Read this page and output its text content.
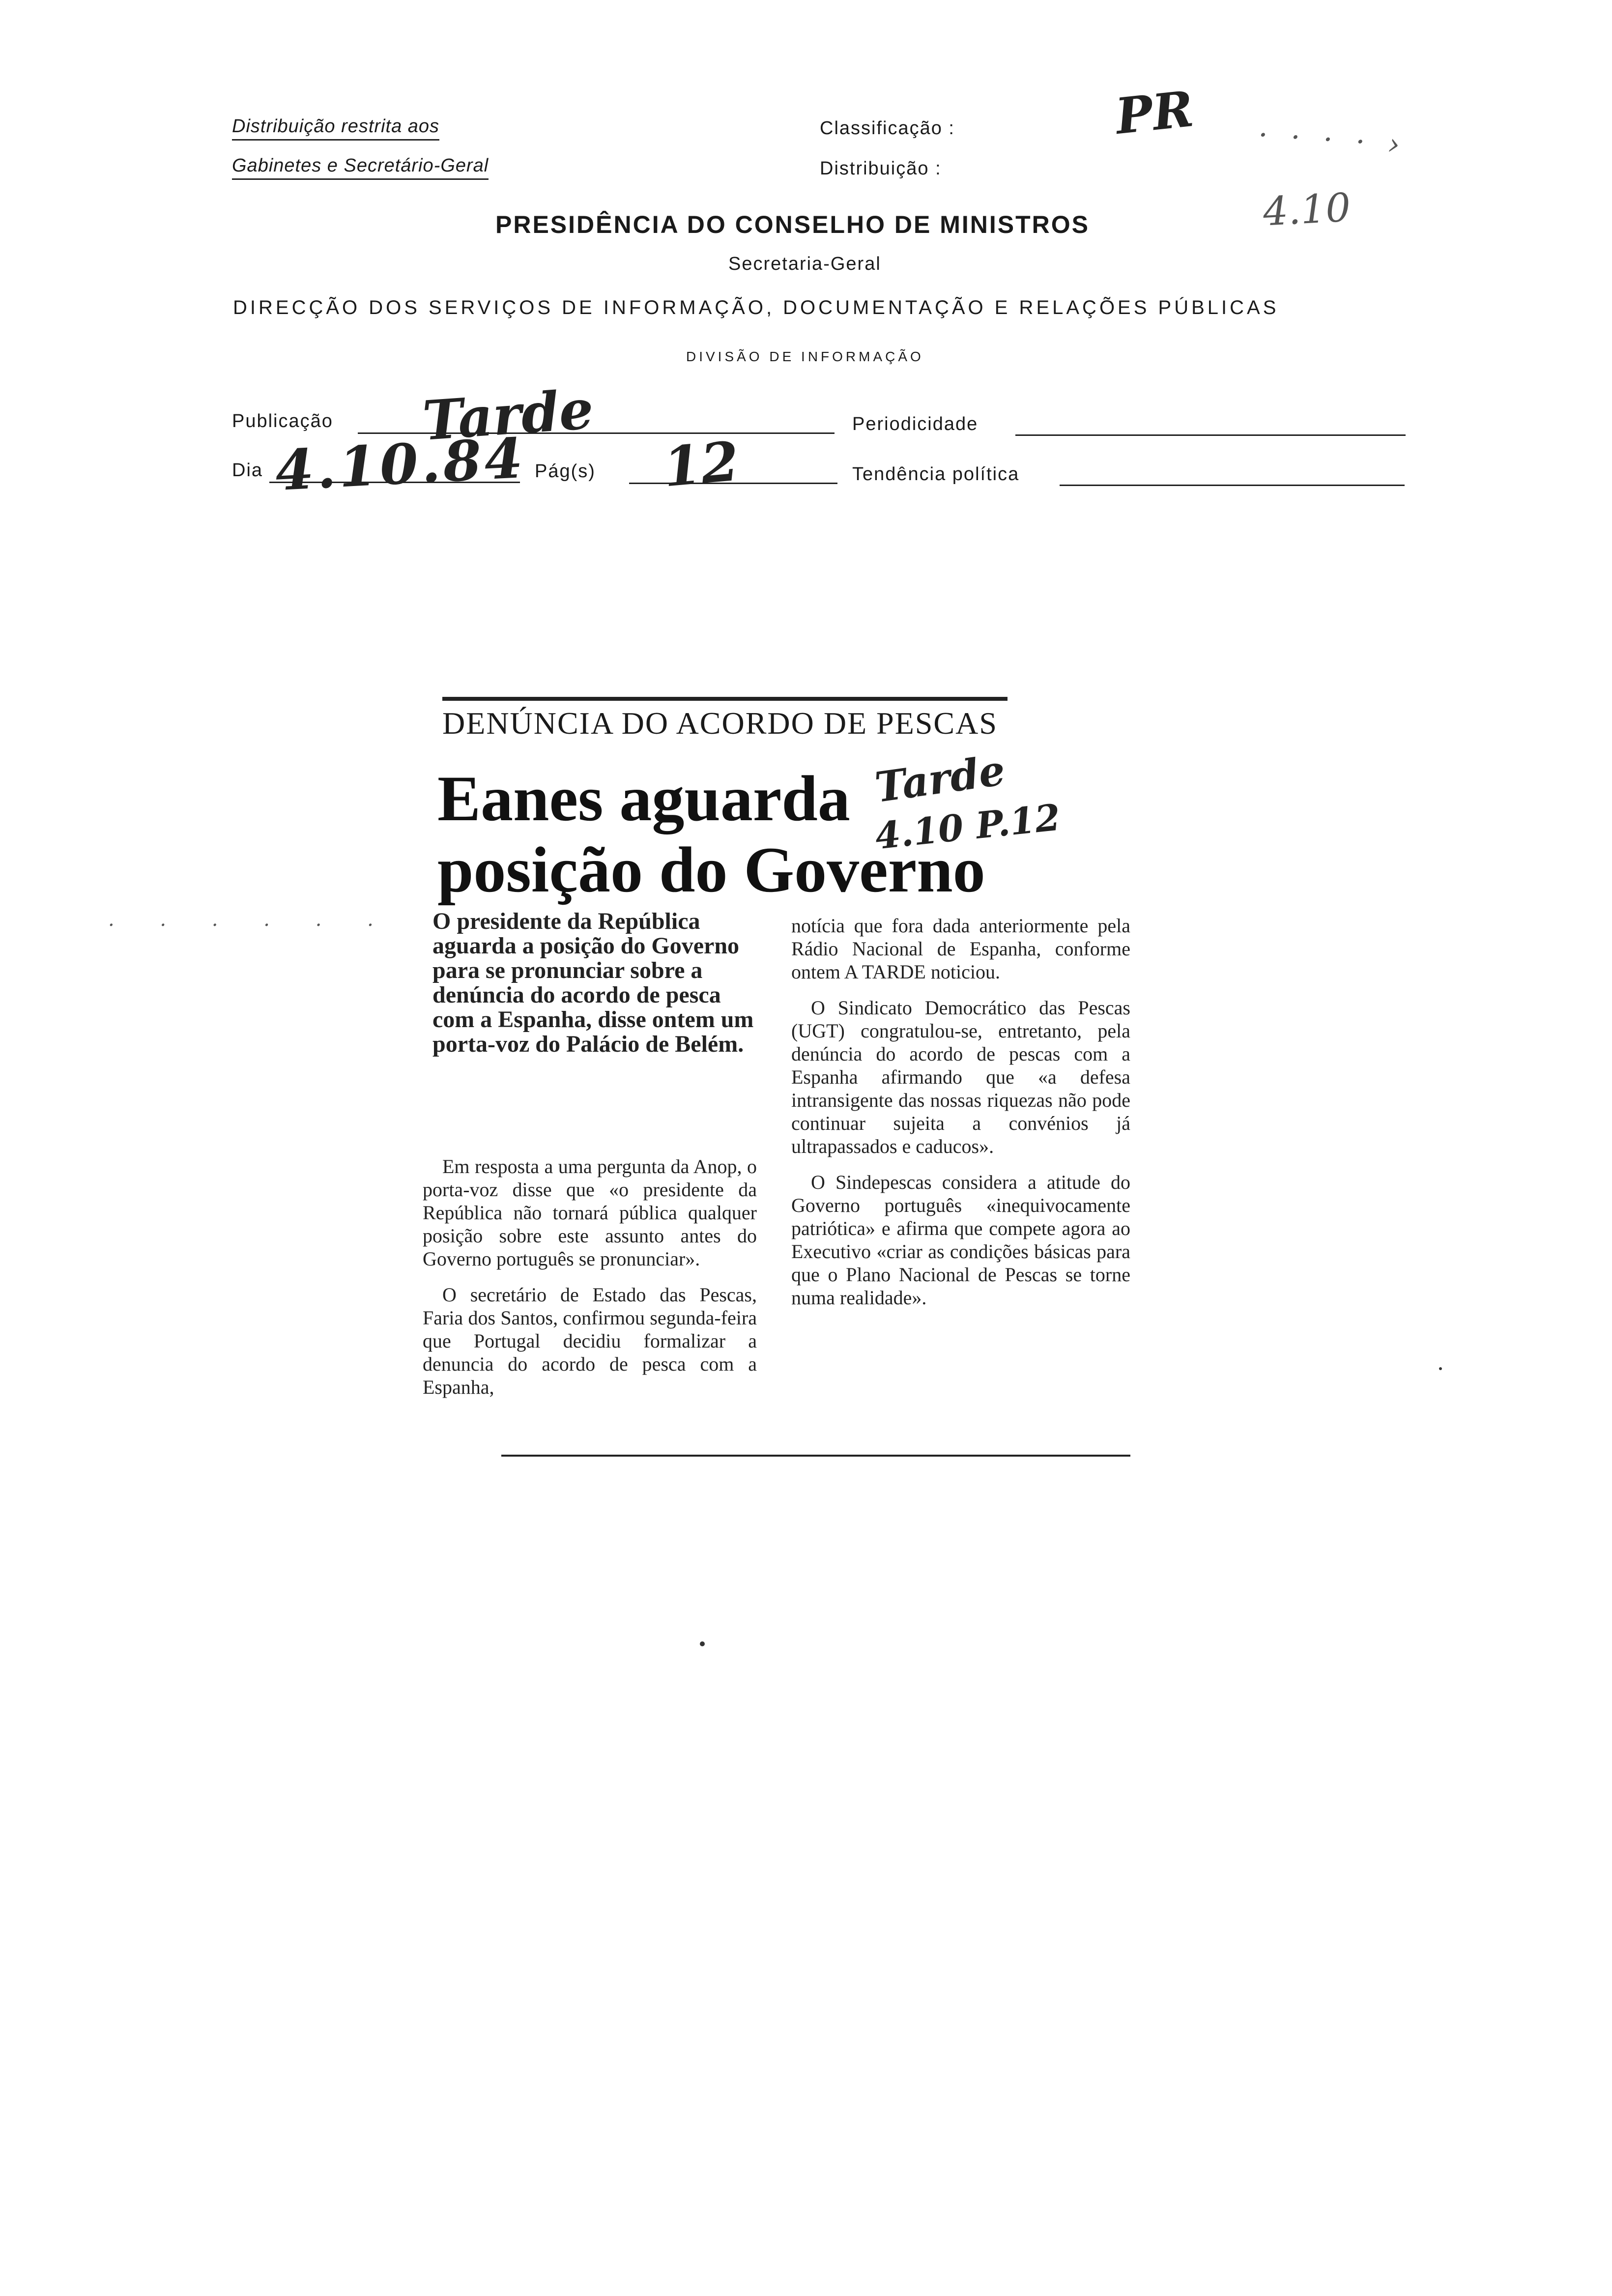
Distribuição restrita aos
Gabinetes e Secretário-Geral
Classificação :
Distribuição :
PR · · · · ›
4.10
PRESIDÊNCIA DO CONSELHO DE MINISTROS
Secretaria-Geral
DIRECÇÃO DOS SERVIÇOS DE INFORMAÇÃO, DOCUMENTAÇÃO E RELAÇÕES PÚBLICAS
DIVISÃO DE INFORMAÇÃO
Publicação Tarde	Periodicidade
Dia 4.10.84 Pág(s) 12	Tendência política
DENÚNCIA DO ACORDO DE PESCAS
Eanes aguarda
posição do Governo
Tarde
4.10 P.12

O presidente da República aguarda a posição do Governo para se pronunciar sobre a denúncia do acordo de pesca com a Espanha, disse ontem um porta-voz do Palácio de Belém.

Em resposta a uma pergunta da Anop, o porta-voz disse que «o presidente da República não tornará pública qualquer posição sobre este assunto antes do Governo português se pronunciar».

O secretário de Estado das Pescas, Faria dos Santos, confirmou segunda-feira que Portugal decidiu formalizar a denuncia do acordo de pesca com a Espanha,

notícia que fora dada anteriormente pela Rádio Nacional de Espanha, conforme ontem A TARDE noticiou.

O Sindicato Democrático das Pescas (UGT) congratulou-se, entretanto, pela denúncia do acordo de pescas com a Espanha afirmando que «a defesa intransigente das nossas riquezas não pode continuar sujeita a convénios já ultrapassados e caducos».

O Sindepescas considera a atitude do Governo português «inequivocamente patriótica» e afirma que compete agora ao Executivo «criar as condições básicas para que o Plano Nacional de Pescas se torne numa realidade».

· · · · · ·
